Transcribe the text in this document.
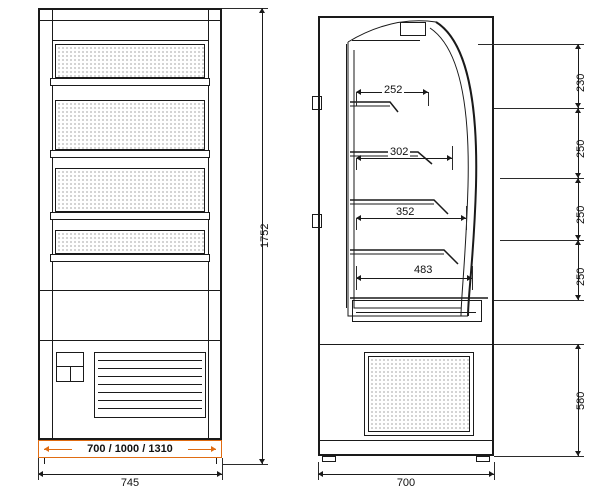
700 / 1000 / 1310
745
1752
252
302
352
483
230
250
250
250
580
700
